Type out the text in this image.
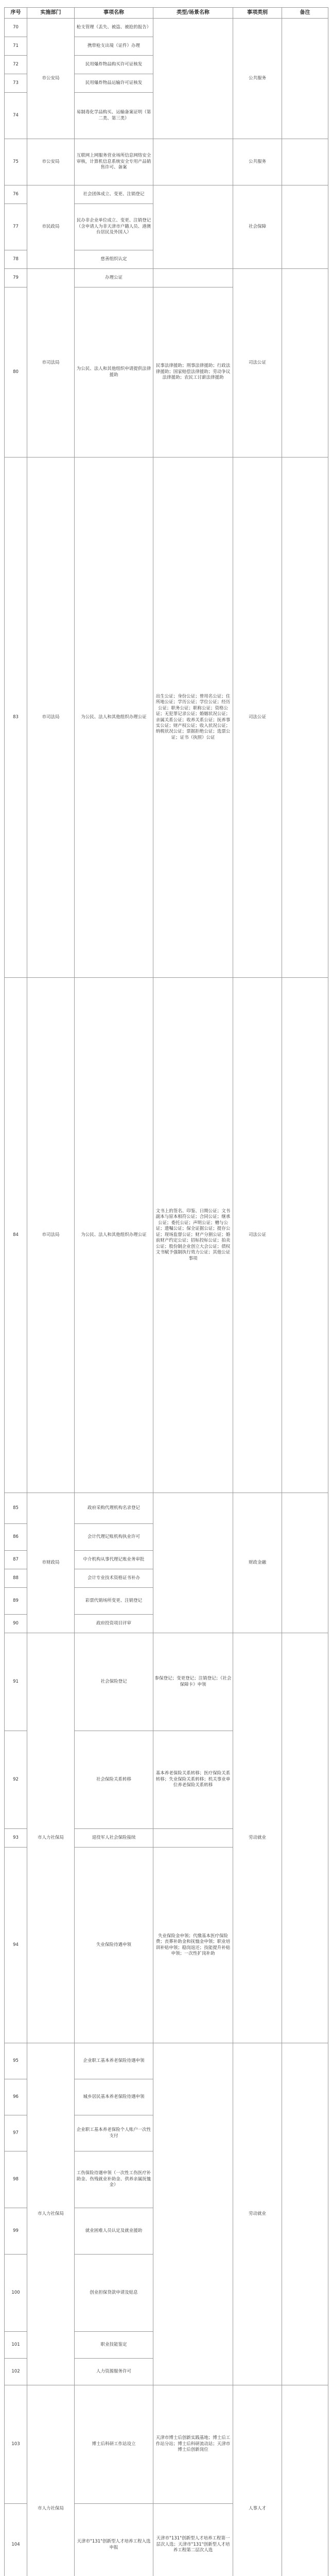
序号	实施部门	事项名称	类型/场景名称	事项类别	备注
70	市公安局	枪支管理（丢失、被盗、被抢的报告）		公共服务	
71		携带枪支出境（证件）办理			
72		民用爆炸物品购买许可证核发			
73		民用爆炸物品运输许可证核发			
74		易制毒化学品购买、运输备案证明（第二类、第三类）			
75	市公安局	互联网上网服务营业场所信息网络安全审核，计算机信息系统安全专用产品销售许可、备案		公共服务	
76	市民政局	社会团体成立、变更、注销登记		社会保障	
77		民办非企业单位成立、变更、注销登记（含申请人为非天津市户籍人员、港澳台居民及外国人）			
78		慈善组织认定			
79	市司法局	办理公证		司法公证	
80		为公民、法人和其他组织申请提供法律援助	民事法律援助；刑事法律援助；行政法律援助；国家赔偿法律援助；劳动争议法律援助；农民工讨薪法律援助		
83	市司法局	为公民、法人和其他组织办理公证	出生公证；身份公证；曾用名公证；住所地公证；学历公证；学位公证；经历公证；职务公证；职称公证；资格公证；无犯罪记录公证；婚姻状况公证；亲属关系公证；收养关系公证；抚养事实公证；财产权公证；收入状况公证；纳税状况公证；票据拒绝公证；选票公证；证书（执照）公证	司法公证	
84	市司法局	为公民、法人和其他组织办理公证	文书上的签名、印鉴、日期公证；文书副本与原本相符公证；合同公证；继承公证；委托公证；声明公证；赠与公证；遗嘱公证；保全证据公证；提存公证；现场监督公证；财产分割公证；婚前财产约定公证；招标投标公证；拍卖公证；股份制企业创立大会公证；债权文书赋予强制执行效力公证；其他公证事项	司法公证	
85	市财政局	政府采购代理机构名录登记		财政金融	
86		会计代理记账机构执业许可			
87		中介机构从事代理记账业务审批			
88		会计专业技术资格证书补办			
89		彩票代销场所变更、注销登记			
90		政府投资项目评审			
91	市人力社保局	社会保险登记	参保登记；变更登记；注销登记；《社会保障卡》申领	劳动就业	
92		社会保险关系转移	基本养老保险关系转移；医疗保险关系转移；失业保险关系转移；机关事业单位养老保险关系转移		
93		退役军人社会保险接续			
94		失业保险待遇申领	失业保险金申领；代缴基本医疗保险费；丧葬补助金和抚恤金申领；职业培训补贴申领；稳岗返还；技能提升补贴申领；一次性扩岗补助		
95	市人力社保局	企业职工基本养老保险待遇申领		劳动就业	
96		城乡居民基本养老保险待遇申领			
97		企业职工基本养老保险个人账户一次性支付			
98		工伤保险待遇申领（一次性工伤医疗补助金、伤残就业补助金、供养亲属抚恤金）			
99		就业困难人员认定及就业援助			
100		创业担保贷款申请及贴息			
101		职业技能鉴定			
102		人力资源服务许可			
103	市人力社保局	博士后科研工作站设立	天津市博士后创新实践基地；博士后工作站分站；博士后科研流动站；天津市博士后创新岗位	人事人才	
104		天津市"131"创新型人才培养工程入选申报	天津市"131"创新型人才培养工程第一层次人选；天津市"131"创新型人才培养工程第二层次人选		
